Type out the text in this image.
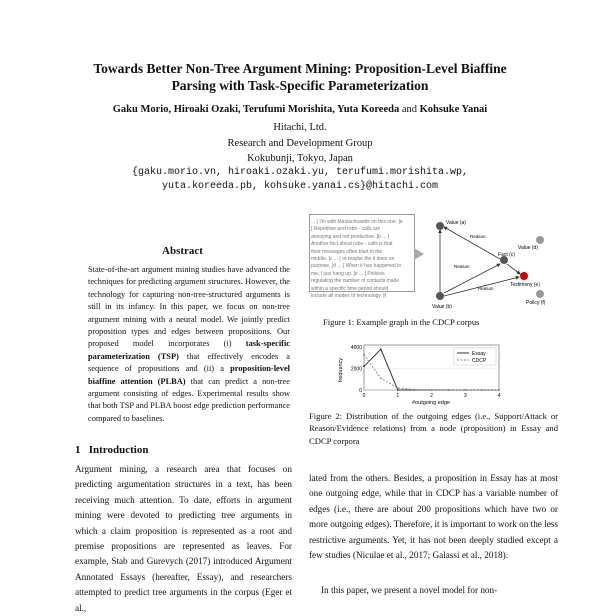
Towards Better Non-Tree Argument Mining: Proposition-Level Biaffine
Parsing with Task-Specific Parameterization
Gaku Morio, Hiroaki Ozaki, Terufumi Morishita, Yuta Koreeda and Kohsuke Yanai
Hitachi, Ltd.
Research and Development Group
Kokubunji, Tokyo, Japan
{gaku.morio.vn, hiroaki.ozaki.yu, terufumi.morishita.wp,
yuta.koreeda.pb, kohsuke.yanai.cs}@hitachi.com
Abstract
State-of-the-art argument mining studies have advanced the techniques for predicting argument structures. However, the technology for capturing non-tree-structured arguments is still in its infancy. In this paper, we focus on non-tree argument mining with a neural model. We jointly predict proposition types and edges between propositions. Our proposed model incorporates (i) task-specific parameterization (TSP) that effectively encodes a sequence of propositions and (ii) a proposition-level biaffine attention (PLBA) that can predict a non-tree argument consisting of edges. Experimental results show that both TSP and PLBA boost edge prediction performance compared to baselines.
1 Introduction
Argument mining, a research area that focuses on predicting argumentation structures in a text, has been receiving much attention. To date, efforts in argument mining were devoted to predicting tree arguments in which a claim proposition is represented as a root and premise propositions are represented as leaves. For example, Stab and Gurevych (2017) introduced Argument Annotated Essays (hereafter, Essay), and researchers attempted to predict tree arguments in the corpus (Eger et al.,
... [ I'm with Mastachusetts on this one. ]a
[ Repetitive and robo - calls are
annoying and not productive. ]b ... [
Another fact about robo - calls is that
their messages often blurt in the
middle. ]c ... [ or maybe the it does on
purpose. ]d ... [ When it has happened to
me, I just hang up. ]e ... [ Policies
regulating the number of contacts made
within a specific time period should
include all modes of technology. ]f
Value (a)
Fact (c)
Value (d)
Testimony (e)
Policy (f)
Value (b)
Reason
Reason
Reason
Figure 1: Example graph in the CDCP corpus
0
2000
4000
0	1	2	3	4
frequency
#outgoing edge
Essay
CDCP
Figure 2: Distribution of the outgoing edges (i.e., Support/Attack or Reason/Evidence relations) from a node (proposition) in Essay and CDCP corpora
lated from the others. Besides, a proposition in Essay has at most one outgoing edge, while that in CDCP has a variable number of edges (i.e., there are about 200 propositions which have two or more outgoing edges). Therefore, it is important to work on the less restrictive arguments. Yet, it has not been deeply studied except a few studies (Niculae et al., 2017; Galassi et al., 2018).
In this paper, we present a novel model for non-
